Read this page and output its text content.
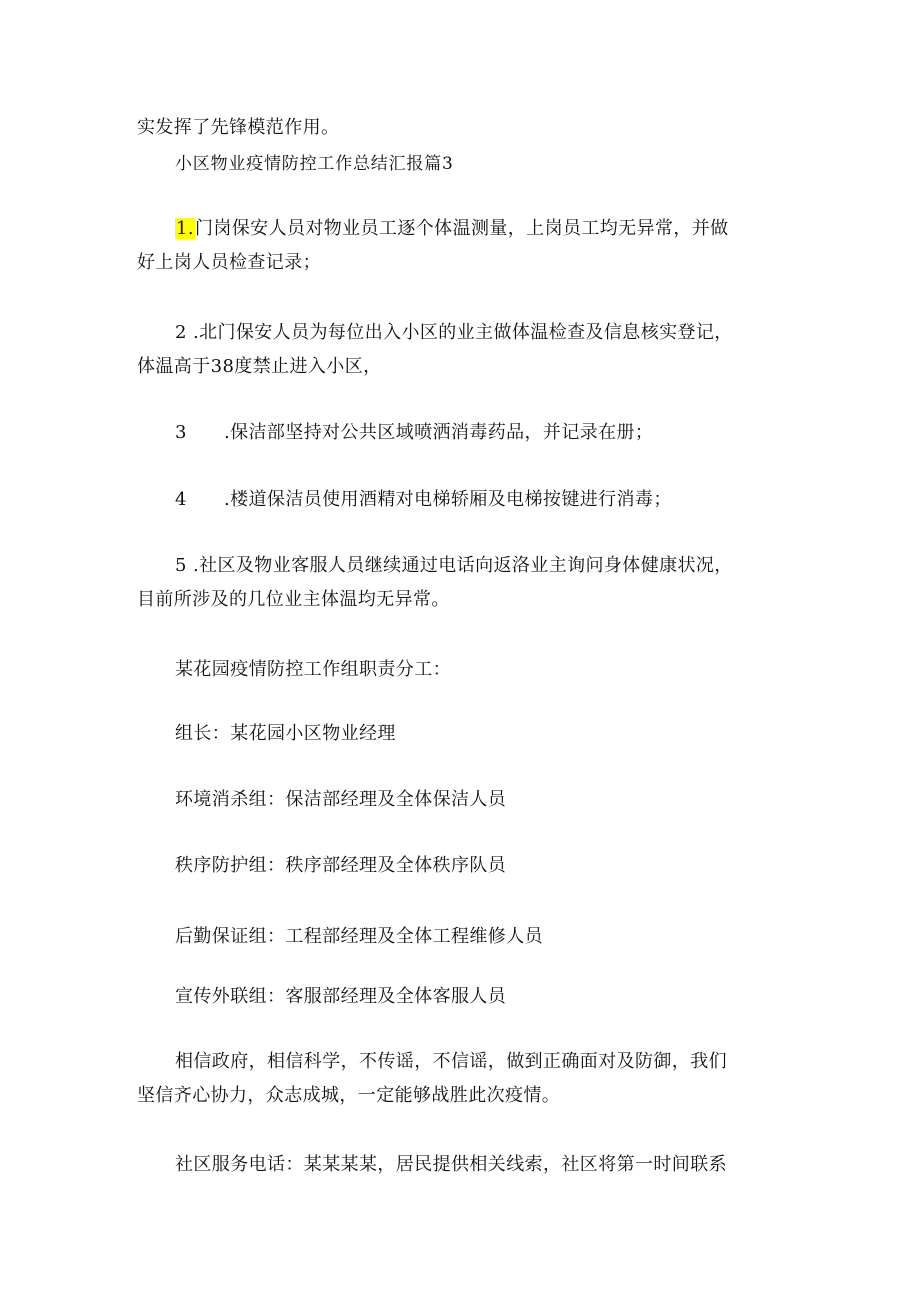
实发挥了先锋模范作用。
小区物业疫情防控工作总结汇报篇3
1.门岗保安人员对物业员工逐个体温测量，上岗员工均无异常，并做
好上岗人员检查记录；
2 .北门保安人员为每位出入小区的业主做体温检查及信息核实登记，
体温高于38度禁止进入小区，
3 .保洁部坚持对公共区域喷洒消毒药品，并记录在册；
4 .楼道保洁员使用酒精对电梯轿厢及电梯按键进行消毒；
5 .社区及物业客服人员继续通过电话向返洛业主询问身体健康状况，
目前所涉及的几位业主体温均无异常。
某花园疫情防控工作组职责分工：
组长：某花园小区物业经理
环境消杀组：保洁部经理及全体保洁人员
秩序防护组：秩序部经理及全体秩序队员
后勤保证组：工程部经理及全体工程维修人员
宣传外联组：客服部经理及全体客服人员
相信政府，相信科学，不传谣，不信谣，做到正确面对及防御，我们
坚信齐心协力，众志成城，一定能够战胜此次疫情。
社区服务电话：某某某某，居民提供相关线索，社区将第一时间联系
